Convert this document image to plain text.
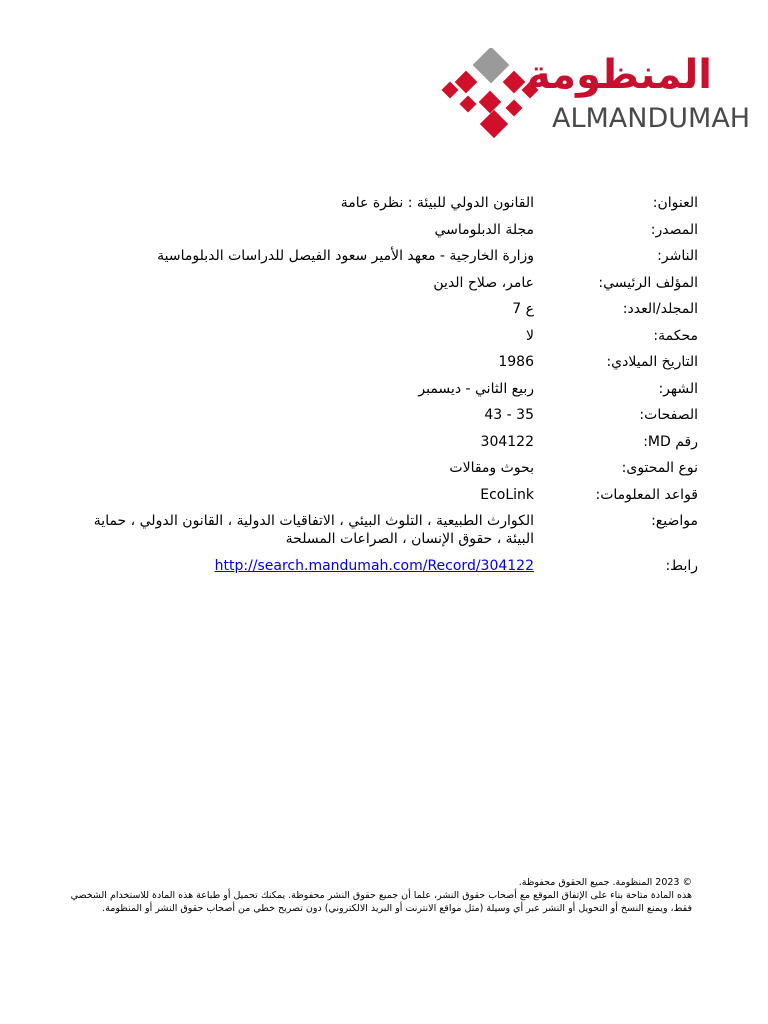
المنظومة
ALMANDUMAH
العنوان:
القانون الدولي للبيئة : نظرة عامة
المصدر:
مجلة الدبلوماسي
الناشر:
وزارة الخارجية - معهد الأمير سعود الفيصل للدراسات الدبلوماسية
المؤلف الرئيسي:
عامر، صلاح الدين
المجلد/العدد:
ع 7
محكمة:
لا
التاريخ الميلادي:
1986
الشهر:
ربيع الثاني - ديسمبر
الصفحات:
35 - 43
رقم MD:
304122
نوع المحتوى:
بحوث ومقالات
قواعد المعلومات:
EcoLink
مواضيع:
الكوارث الطبيعية ، التلوث البيئي ، الاتفاقيات الدولية ، القانون الدولي ، حماية البيئة ، حقوق الإنسان ، الصراعات المسلحة
رابط:
http://search.mandumah.com/Record/304122

© 2023 المنظومة. جميع الحقوق محفوظة.

هذه المادة متاحة بناء على الإتفاق الموقع مع أصحاب حقوق النشر، علما أن جميع حقوق النشر محفوظة. يمكنك تحميل أو طباعة هذه المادة للاستخدام الشخصي فقط، ويمنع النسخ أو التحويل أو النشر عبر أي وسيلة (مثل مواقع الانترنت أو البريد الالكتروني) دون تصريح خطي من أصحاب حقوق النشر أو المنظومة.
